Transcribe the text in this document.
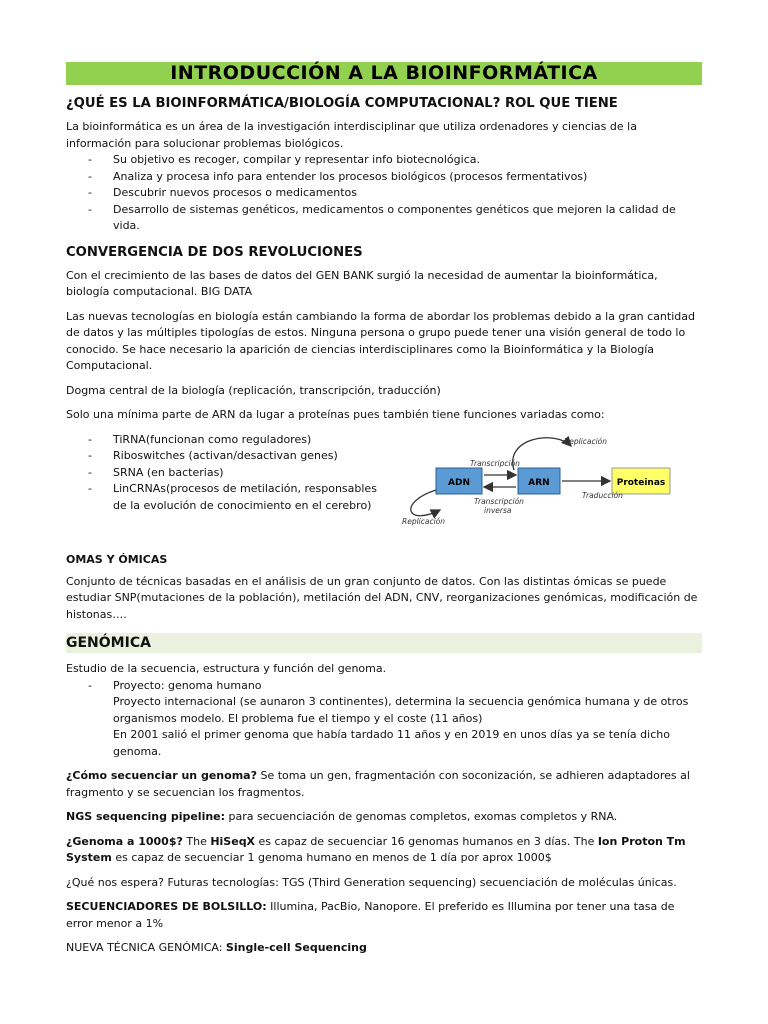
INTRODUCCIÓN A LA BIOINFORMÁTICA
¿QUÉ ES LA BIOINFORMÁTICA/BIOLOGÍA COMPUTACIONAL? ROL QUE TIENE

La bioinformática es un área de la investigación interdisciplinar que utiliza ordenadores y ciencias de la información para solucionar problemas biológicos.

- Su objetivo es recoger, compilar y representar info biotecnológica.
- Analiza y procesa info para entender los procesos biológicos (procesos fermentativos)
- Descubrir nuevos procesos o medicamentos
- Desarrollo de sistemas genéticos, medicamentos o componentes genéticos que mejoren la calidad de vida.
CONVERGENCIA DE DOS REVOLUCIONES

Con el crecimiento de las bases de datos del GEN BANK surgió la necesidad de aumentar la bioinformática, biología computacional. BIG DATA

Las nuevas tecnologías en biología están cambiando la forma de abordar los problemas debido a la gran cantidad de datos y las múltiples tipologías de estos. Ninguna persona o grupo puede tener una visión general de todo lo conocido. Se hace necesario la aparición de ciencias interdisciplinares como la Bioinformática y la Biología Computacional.

Dogma central de la biología (replicación, transcripción, traducción)

Solo una mínima parte de ARN da lugar a proteínas pues también tiene funciones variadas como:

- TiRNA(funcionan como reguladores)
- Riboswitches (activan/desactivan genes)
- SRNA (en bacterias)
- LinCRNAs(procesos de metilación, responsables de la evolución de conocimiento en el cerebro)
Replicación
ADN	ARN	Proteinas
Transcripción
Transcripción
inversa
Traducción
Replicación
OMAS Y ÓMICAS

Conjunto de técnicas basadas en el análisis de un gran conjunto de datos. Con las distintas ómicas se puede estudiar SNP(mutaciones de la población), metilación del ADN, CNV, reorganizaciones genómicas, modificación de histonas….

GENÓMICA

Estudio de la secuencia, estructura y función del genoma.

- Proyecto: genoma humano
Proyecto internacional (se aunaron 3 continentes), determina la secuencia genómica humana y de otros organismos modelo. El problema fue el tiempo y el coste (11 años)
En 2001 salió el primer genoma que había tardado 11 años y en 2019 en unos días ya se tenía dicho genoma.

¿Cómo secuenciar un genoma? Se toma un gen, fragmentación con soconización, se adhieren adaptadores al fragmento y se secuencian los fragmentos.

NGS sequencing pipeline: para secuenciación de genomas completos, exomas completos y RNA.

¿Genoma a 1000$? The HiSeqX es capaz de secuenciar 16 genomas humanos en 3 días. The Ion Proton Tm System es capaz de secuenciar 1 genoma humano en menos de 1 día por aprox 1000$

¿Qué nos espera? Futuras tecnologías: TGS (Third Generation sequencing) secuenciación de moléculas únicas.

SECUENCIADORES DE BOLSILLO: Illumina, PacBio, Nanopore. El preferido es Illumina por tener una tasa de error menor a 1%

NUEVA TÉCNICA GENÓMICA: Single-cell Sequencing
